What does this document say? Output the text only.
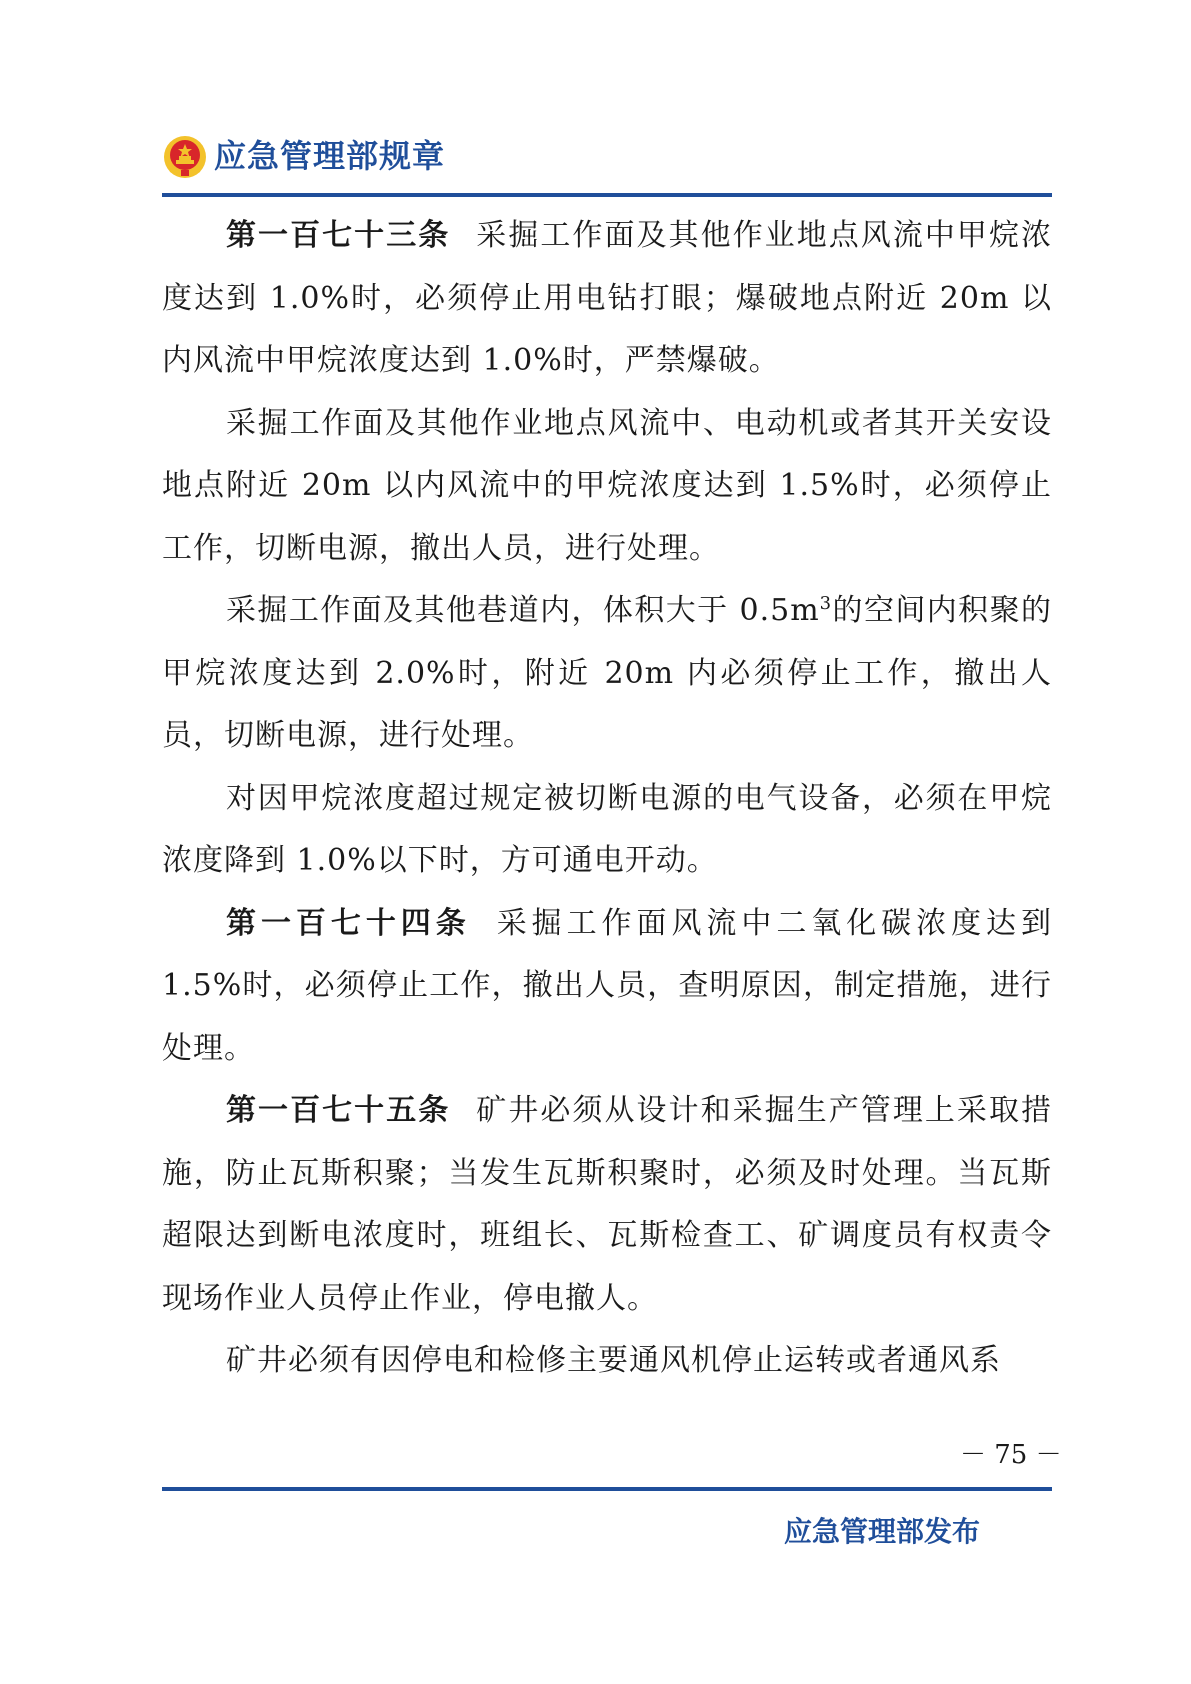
应急管理部规章

第一百七十三条 采掘工作面及其他作业地点风流中甲烷浓度达到 1.0%时，必须停止用电钻打眼；爆破地点附近 20m 以内风流中甲烷浓度达到 1.0%时，严禁爆破。

采掘工作面及其他作业地点风流中、电动机或者其开关安设地点附近 20m 以内风流中的甲烷浓度达到 1.5%时，必须停止工作，切断电源，撤出人员，进行处理。

采掘工作面及其他巷道内，体积大于 $0.5m^3$的空间内积聚的甲烷浓度达到 2.0%时，附近 20m 内必须停止工作，撤出人员，切断电源，进行处理。

对因甲烷浓度超过规定被切断电源的电气设备，必须在甲烷浓度降到 1.0%以下时，方可通电开动。

第一百七十四条 采掘工作面风流中二氧化碳浓度达到 1.5%时，必须停止工作，撤出人员，查明原因，制定措施，进行处理。

第一百七十五条 矿井必须从设计和采掘生产管理上采取措施，防止瓦斯积聚；当发生瓦斯积聚时，必须及时处理。当瓦斯超限达到断电浓度时，班组长、瓦斯检查工、矿调度员有权责令现场作业人员停止作业，停电撤人。

矿井必须有因停电和检修主要通风机停止运转或者通风系

－ 75 －
应急管理部发布
